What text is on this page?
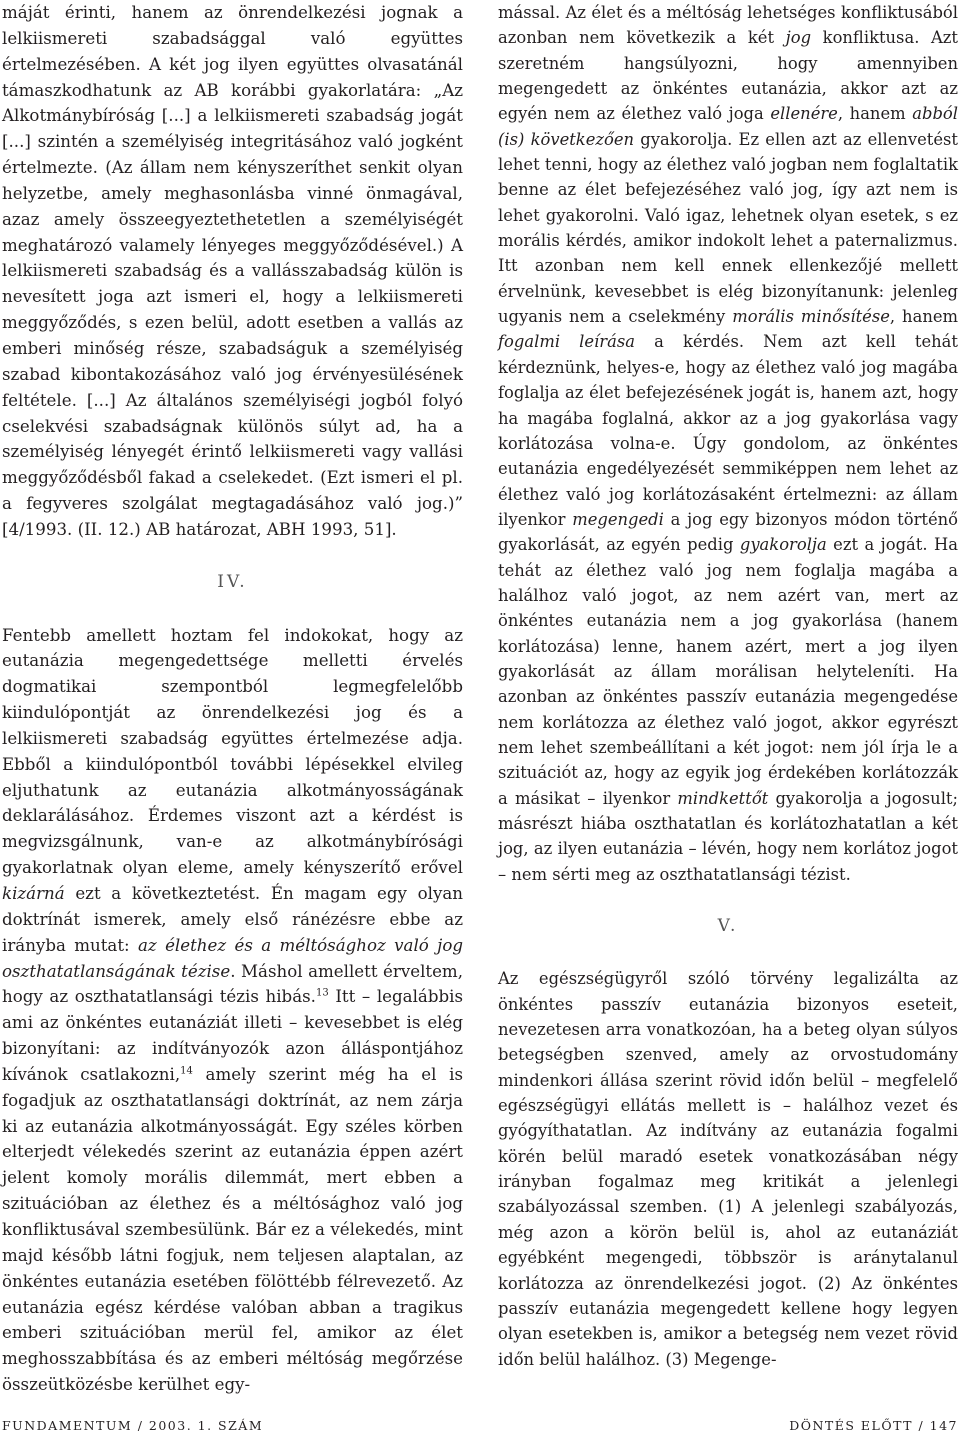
máját érinti, hanem az önrendelkezési jognak a lelkiismereti szabadsággal való együttes értelmezésében. A két jog ilyen együttes olvasatánál támaszkodhatunk az AB korábbi gyakorlatára: „Az Alkotmánybíróság [...] a lelkiismereti szabadság jogát [...] szintén a személyiség integritásához való jogként értelmezte. (Az állam nem kényszeríthet senkit olyan helyzetbe, amely meghasonlásba vinné önmagával, azaz amely összeegyeztethetetlen a személyiségét meghatározó valamely lényeges meggyőződésével.) A lelkiismereti szabadság és a vallásszabadság külön is nevesített joga azt ismeri el, hogy a lelkiismereti meggyőződés, s ezen belül, adott esetben a vallás az emberi minőség része, szabadságuk a személyiség szabad kibontakozásához való jog érvényesülésének feltétele. [...] Az általános személyiségi jogból folyó cselekvési szabadságnak különös súlyt ad, ha a személyiség lényegét érintő lelkiismereti vagy vallási meggyőződésből fakad a cselekedet. (Ezt ismeri el pl. a fegyveres szolgálat megtagadásához való jog.)” [4/1993. (II. 12.) AB határozat, ABH 1993, 51].

IV.

Fentebb amellett hoztam fel indokokat, hogy az eutanázia megengedettsége melletti érvelés dogmatikai szempontból legmegfelelőbb kiindulópontját az önrendelkezési jog és a lelkiismereti szabadság együttes értelmezése adja. Ebből a kiindulópontból további lépésekkel elvileg eljuthatunk az eutanázia alkotmányosságának deklarálásához. Érdemes viszont azt a kérdést is megvizsgálnunk, van-e az alkotmánybírósági gyakorlatnak olyan eleme, amely kényszerítő erővel kizárná ezt a következtetést. Én magam egy olyan doktrínát ismerek, amely első ránézésre ebbe az irányba mutat: az élethez és a méltósághoz való jog oszthatatlanságának tézise. Máshol amellett érveltem, hogy az oszthatatlansági tézis hibás.$^{13}$ Itt – legalábbis ami az önkéntes eutanáziát illeti – kevesebbet is elég bizonyítani: az indítványozók azon álláspontjához kívánok csatlakozni,$^{14}$ amely szerint még ha el is fogadjuk az oszthatatlansági doktrínát, az nem zárja ki az eutanázia alkotmányosságát. Egy széles körben elterjedt vélekedés szerint az eutanázia éppen azért jelent komoly morális dilemmát, mert ebben a szituációban az élethez és a méltósághoz való jog konfliktusával szembesülünk. Bár ez a vélekedés, mint majd később látni fogjuk, nem teljesen alaptalan, az önkéntes eutanázia esetében fölöttébb félrevezető. Az eutanázia egész kérdése valóban abban a tragikus emberi szituációban merül fel, amikor az élet meghosszabbítása és az emberi méltóság megőrzése összeütközésbe kerülhet egy-

mással. Az élet és a méltóság lehetséges konfliktusából azonban nem következik a két jog konfliktusa. Azt szeretném hangsúlyozni, hogy amennyiben megengedett az önkéntes eutanázia, akkor azt az egyén nem az élethez való joga ellenére, hanem abból (is) következően gyakorolja. Ez ellen azt az ellenvetést lehet tenni, hogy az élethez való jogban nem foglaltatik benne az élet befejezéséhez való jog, így azt nem is lehet gyakorolni. Való igaz, lehetnek olyan esetek, s ez morális kérdés, amikor indokolt lehet a paternalizmus. Itt azonban nem kell ennek ellenkezőjé mellett érvelnünk, kevesebbet is elég bizonyítanunk: jelenleg ugyanis nem a cselekmény morális minősítése, hanem fogalmi leírása a kérdés. Nem azt kell tehát kérdeznünk, helyes-e, hogy az élethez való jog magába foglalja az élet befejezésének jogát is, hanem azt, hogy ha magába foglalná, akkor az a jog gyakorlása vagy korlátozása volna-e. Úgy gondolom, az önkéntes eutanázia engedélyezését semmiképpen nem lehet az élethez való jog korlátozásaként értelmezni: az állam ilyenkor megengedi a jog egy bizonyos módon történő gyakorlását, az egyén pedig gyakorolja ezt a jogát. Ha tehát az élethez való jog nem foglalja magába a halálhoz való jogot, az nem azért van, mert az önkéntes eutanázia nem a jog gyakorlása (hanem korlátozása) lenne, hanem azért, mert a jog ilyen gyakorlását az állam morálisan helyteleníti. Ha azonban az önkéntes passzív eutanázia megengedése nem korlátozza az élethez való jogot, akkor egyrészt nem lehet szembeállítani a két jogot: nem jól írja le a szituációt az, hogy az egyik jog érdekében korlátozzák a másikat – ilyenkor mindkettőt gyakorolja a jogosult; másrészt hiába oszthatatlan és korlátozhatatlan a két jog, az ilyen eutanázia – lévén, hogy nem korlátoz jogot – nem sérti meg az oszthatatlansági tézist.

V.

Az egészségügyről szóló törvény legalizálta az önkéntes passzív eutanázia bizonyos eseteit, nevezetesen arra vonatkozóan, ha a beteg olyan súlyos betegségben szenved, amely az orvostudomány mindenkori állása szerint rövid időn belül – megfelelő egészségügyi ellátás mellett is – halálhoz vezet és gyógyíthatatlan. Az indítvány az eutanázia fogalmi körén belül maradó esetek vonatkozásában négy irányban fogalmaz meg kritikát a jelenlegi szabályozással szemben. (1) A jelenlegi szabályozás, még azon a körön belül is, ahol az eutanáziát egyébként megengedi, többször is aránytalanul korlátozza az önrendelkezési jogot. (2) Az önkéntes passzív eutanázia megengedett kellene hogy legyen olyan esetekben is, amikor a betegség nem vezet rövid időn belül halálhoz. (3) Megenge-

FUNDAMENTUM / 2003. 1. SZÁM	DÖNTÉS ELŐTT / 147
